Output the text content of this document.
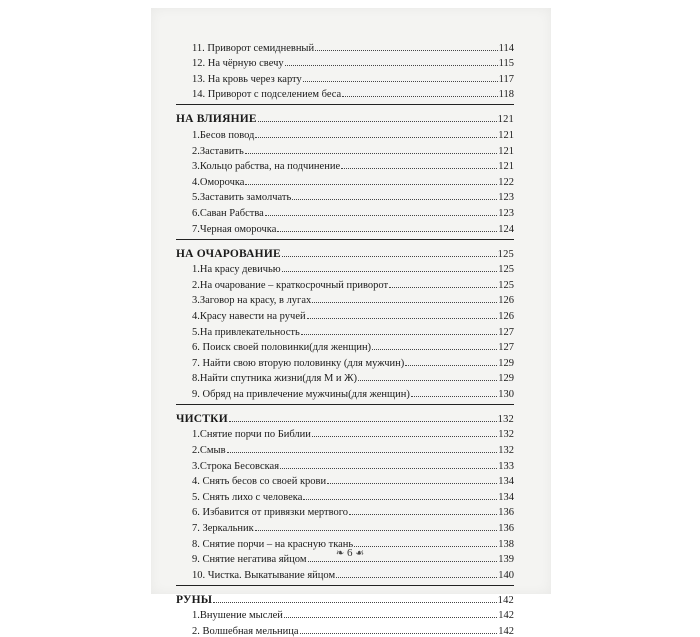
11. Приворот семидневный	114
12. На чёрную свечу	115
13. На кровь через карту	117
14. Приворот с подселением беса	118
НА ВЛИЯНИЕ	121
1.Бесов повод	121
2.Заставить	121
3.Кольцо рабства, на подчинение	121
4.Оморочка	122
5.Заставить замолчать	123
6.Саван Рабства	123
7.Черная оморочка	124
НА ОЧАРОВАНИЕ	125
1.На красу девичью	125
2.На очарование – краткосрочный приворот	125
3.Заговор на красу, в лугах	126
4.Красу навести на ручей	126
5.На привлекательность	127
6. Поиск своей половинки(для женщин)	127
7. Найти свою вторую половинку (для мужчин)	129
8.Найти спутника жизни(для М и Ж)	129
9. Обряд на привлечение мужчины(для женщин)	130
ЧИСТКИ	132
1.Снятие порчи по Библии	132
2.Смыв	132
3.Строка Бесовская	133
4. Снять бесов со своей крови	134
5. Снять лихо с человека	134
6. Избавится от привязки мертвого	136
7. Зеркальник	136
8. Снятие порчи – на красную ткань	138
9. Снятие негатива яйцом	139
10. Чистка. Выкатывание яйцом	140
РУНЫ	142
1.Внушение мыслей	142
2. Волшебная мельница	142
❧ 6 ☙
